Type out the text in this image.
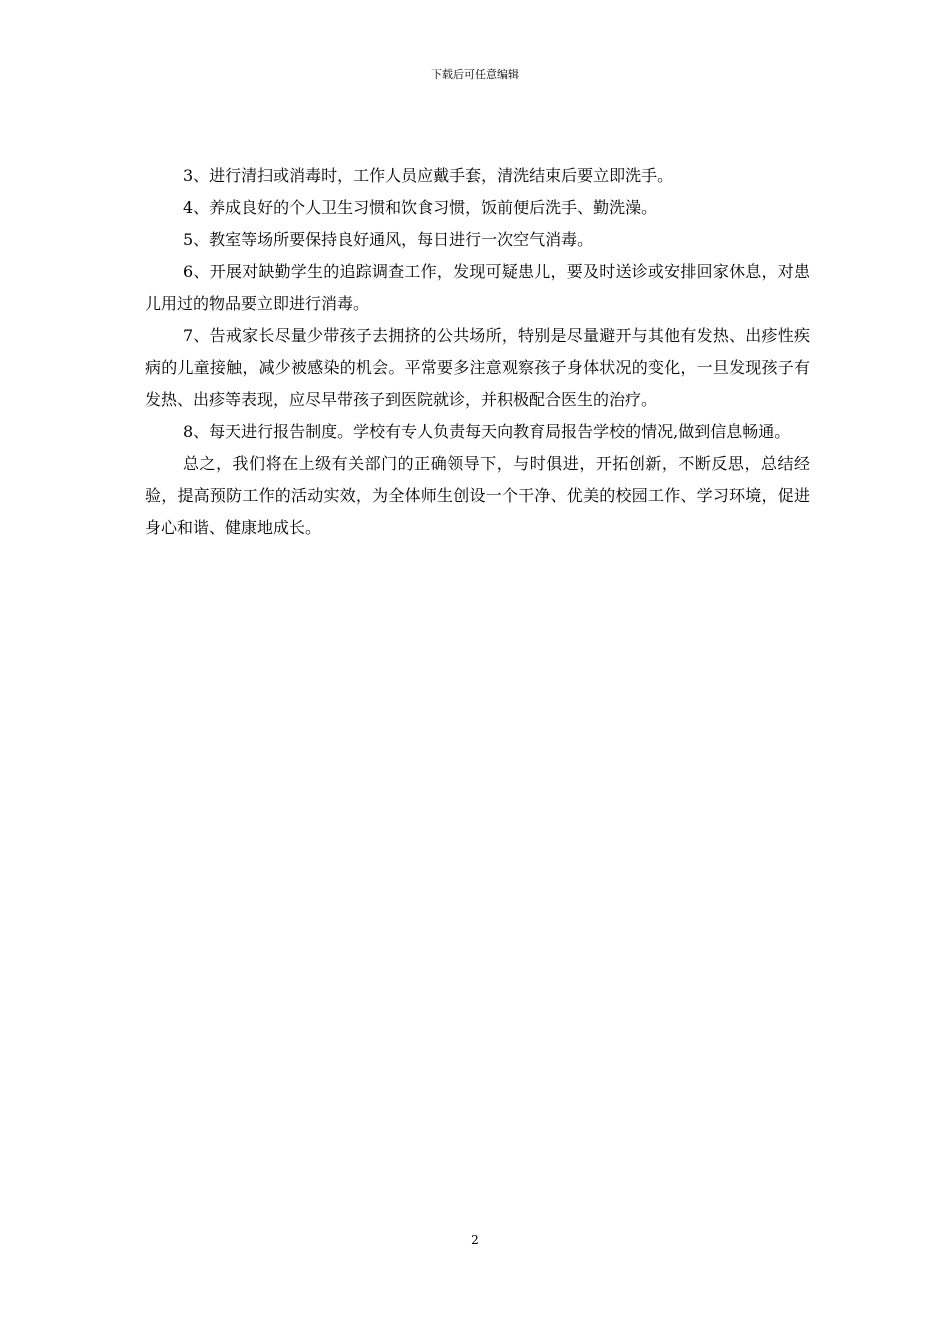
下载后可任意编辑

3、进行清扫或消毒时，工作人员应戴手套，清洗结束后要立即洗手。

4、养成良好的个人卫生习惯和饮食习惯，饭前便后洗手、勤洗澡。

5、教室等场所要保持良好通风，每日进行一次空气消毒。

6、开展对缺勤学生的追踪调查工作，发现可疑患儿，要及时送诊或安排回家休息，对患儿用过的物品要立即进行消毒。

7、告戒家长尽量少带孩子去拥挤的公共场所，特别是尽量避开与其他有发热、出疹性疾病的儿童接触，减少被感染的机会。平常要多注意观察孩子身体状况的变化，一旦发现孩子有发热、出疹等表现，应尽早带孩子到医院就诊，并积极配合医生的治疗。

8、每天进行报告制度。学校有专人负责每天向教育局报告学校的情况,做到信息畅通。

总之，我们将在上级有关部门的正确领导下，与时俱进，开拓创新，不断反思，总结经验，提高预防工作的活动实效，为全体师生创设一个干净、优美的校园工作、学习环境，促进身心和谐、健康地成长。

2
